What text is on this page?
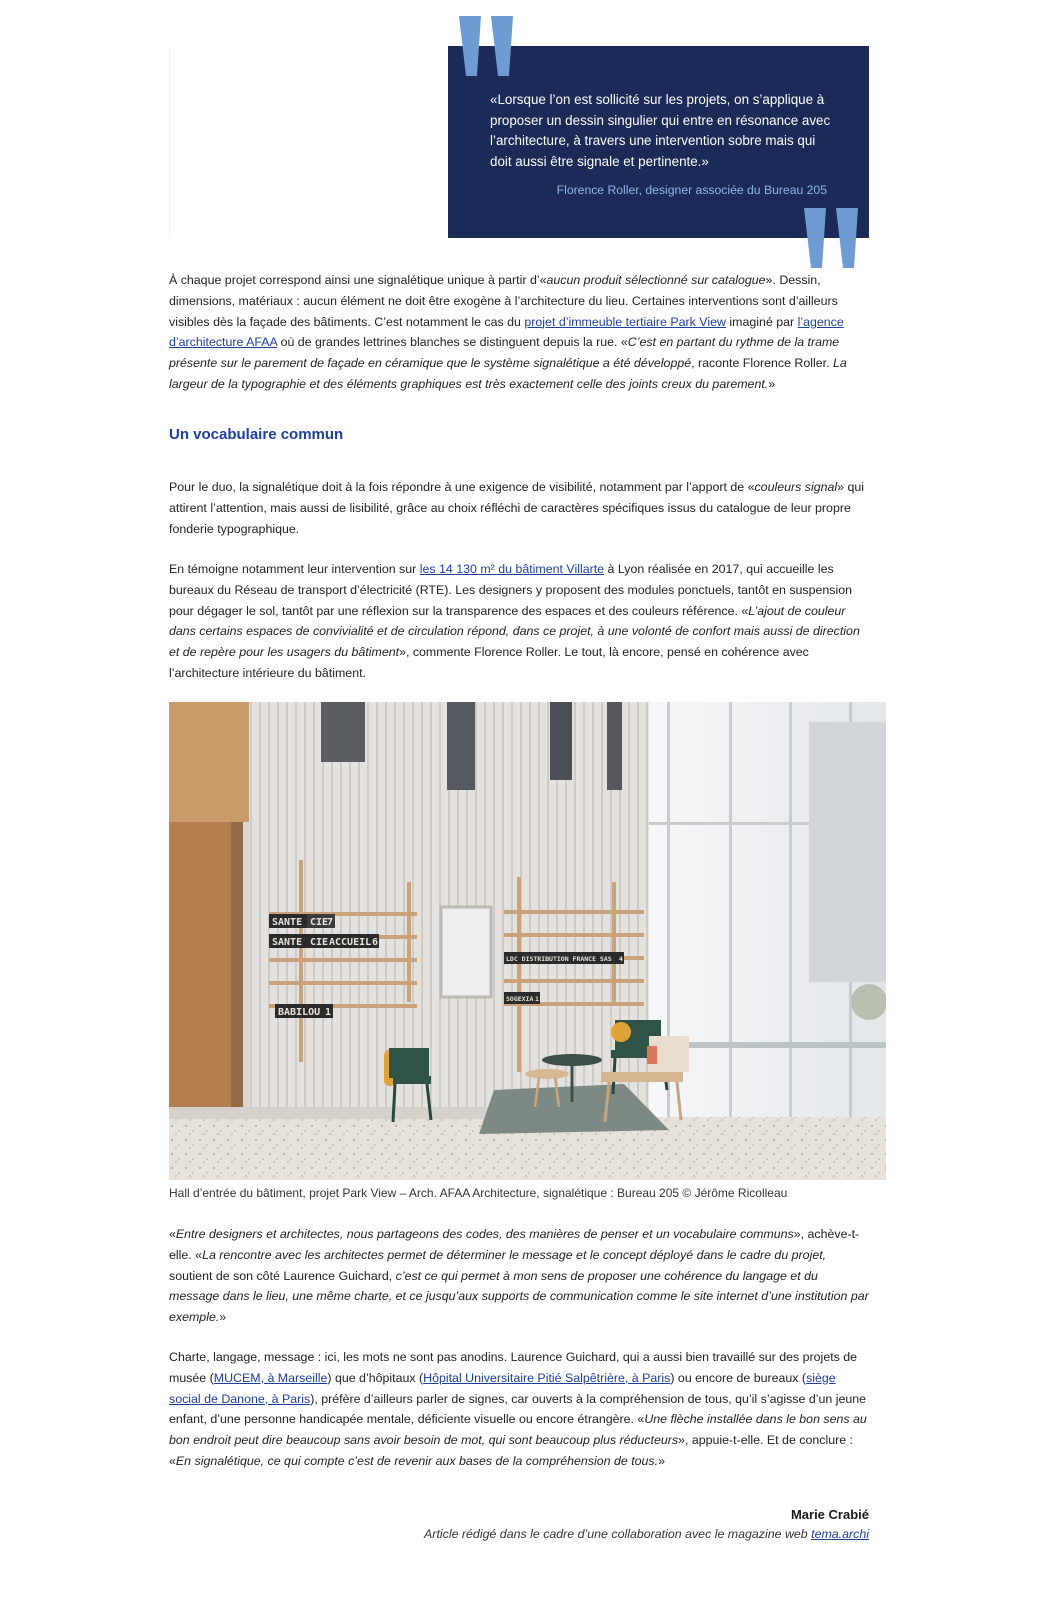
«Lorsque l’on est sollicité sur les projets, on s’applique à proposer un dessin singulier qui entre en résonance avec l’architecture, à travers une intervention sobre mais qui doit aussi être signale et pertinente.»
Florence Roller, designer associée du Bureau 205

À chaque projet correspond ainsi une signalétique unique à partir d’«aucun produit sélectionné sur catalogue». Dessin, dimensions, matériaux : aucun élément ne doit être exogène à l’architecture du lieu. Certaines interventions sont d’ailleurs visibles dès la façade des bâtiments. C’est notamment le cas du projet d’immeuble tertiaire Park View imaginé par l’agence d’architecture AFAA où de grandes lettrines blanches se distinguent depuis la rue. «C’est en partant du rythme de la trame présente sur le parement de façade en céramique que le système signalétique a été développé, raconte Florence Roller. La largeur de la typographie et des éléments graphiques est très exactement celle des joints creux du parement.»

Un vocabulaire commun

Pour le duo, la signalétique doit à la fois répondre à une exigence de visibilité, notamment par l’apport de «couleurs signal» qui attirent l’attention, mais aussi de lisibilité, grâce au choix réfléchi de caractères spécifiques issus du catalogue de leur propre fonderie typographique.

En témoigne notamment leur intervention sur les 14 130 m² du bâtiment Villarte à Lyon réalisée en 2017, qui accueille les bureaux du Réseau de transport d’électricité (RTE). Les designers y proposent des modules ponctuels, tantôt en suspension pour dégager le sol, tantôt par une réflexion sur la transparence des espaces et des couleurs référence. «L’ajout de couleur dans certains espaces de convivialité et de circulation répond, dans ce projet, à une volonté de confort mais aussi de direction et de repère pour les usagers du bâtiment», commente Florence Roller. Le tout, là encore, pensé en cohérence avec l’architecture intérieure du bâtiment.

SANTE CIE
7
SANTE CIE ACCUEIL 6
BABILOU 1
LDC DISTRIBUTION FRANCE SAS 4
SOGEXIA 1
Hall d’entrée du bâtiment, projet Park View – Arch. AFAA Architecture, signalétique : Bureau 205 © Jérôme Ricolleau

«Entre designers et architectes, nous partageons des codes, des manières de penser et un vocabulaire communs», achève-t-elle. «La rencontre avec les architectes permet de déterminer le message et le concept déployé dans le cadre du projet, soutient de son côté Laurence Guichard, c’est ce qui permet à mon sens de proposer une cohérence du langage et du message dans le lieu, une même charte, et ce jusqu’aux supports de communication comme le site internet d’une institution par exemple.»

Charte, langage, message : ici, les mots ne sont pas anodins. Laurence Guichard, qui a aussi bien travaillé sur des projets de musée (MUCEM, à Marseille) que d’hôpitaux (Hôpital Universitaire Pitié Salpêtrière, à Paris) ou encore de bureaux (siège social de Danone, à Paris), préfère d’ailleurs parler de signes, car ouverts à la compréhension de tous, qu’il s’agisse d’un jeune enfant, d’une personne handicapée mentale, déficiente visuelle ou encore étrangère. «Une flèche installée dans le bon sens au bon endroit peut dire beaucoup sans avoir besoin de mot, qui sont beaucoup plus réducteurs», appuie-t-elle. Et de conclure : «En signalétique, ce qui compte c’est de revenir aux bases de la compréhension de tous.»

Marie Crabié
Article rédigé dans le cadre d’une collaboration avec le magazine web tema.archi
